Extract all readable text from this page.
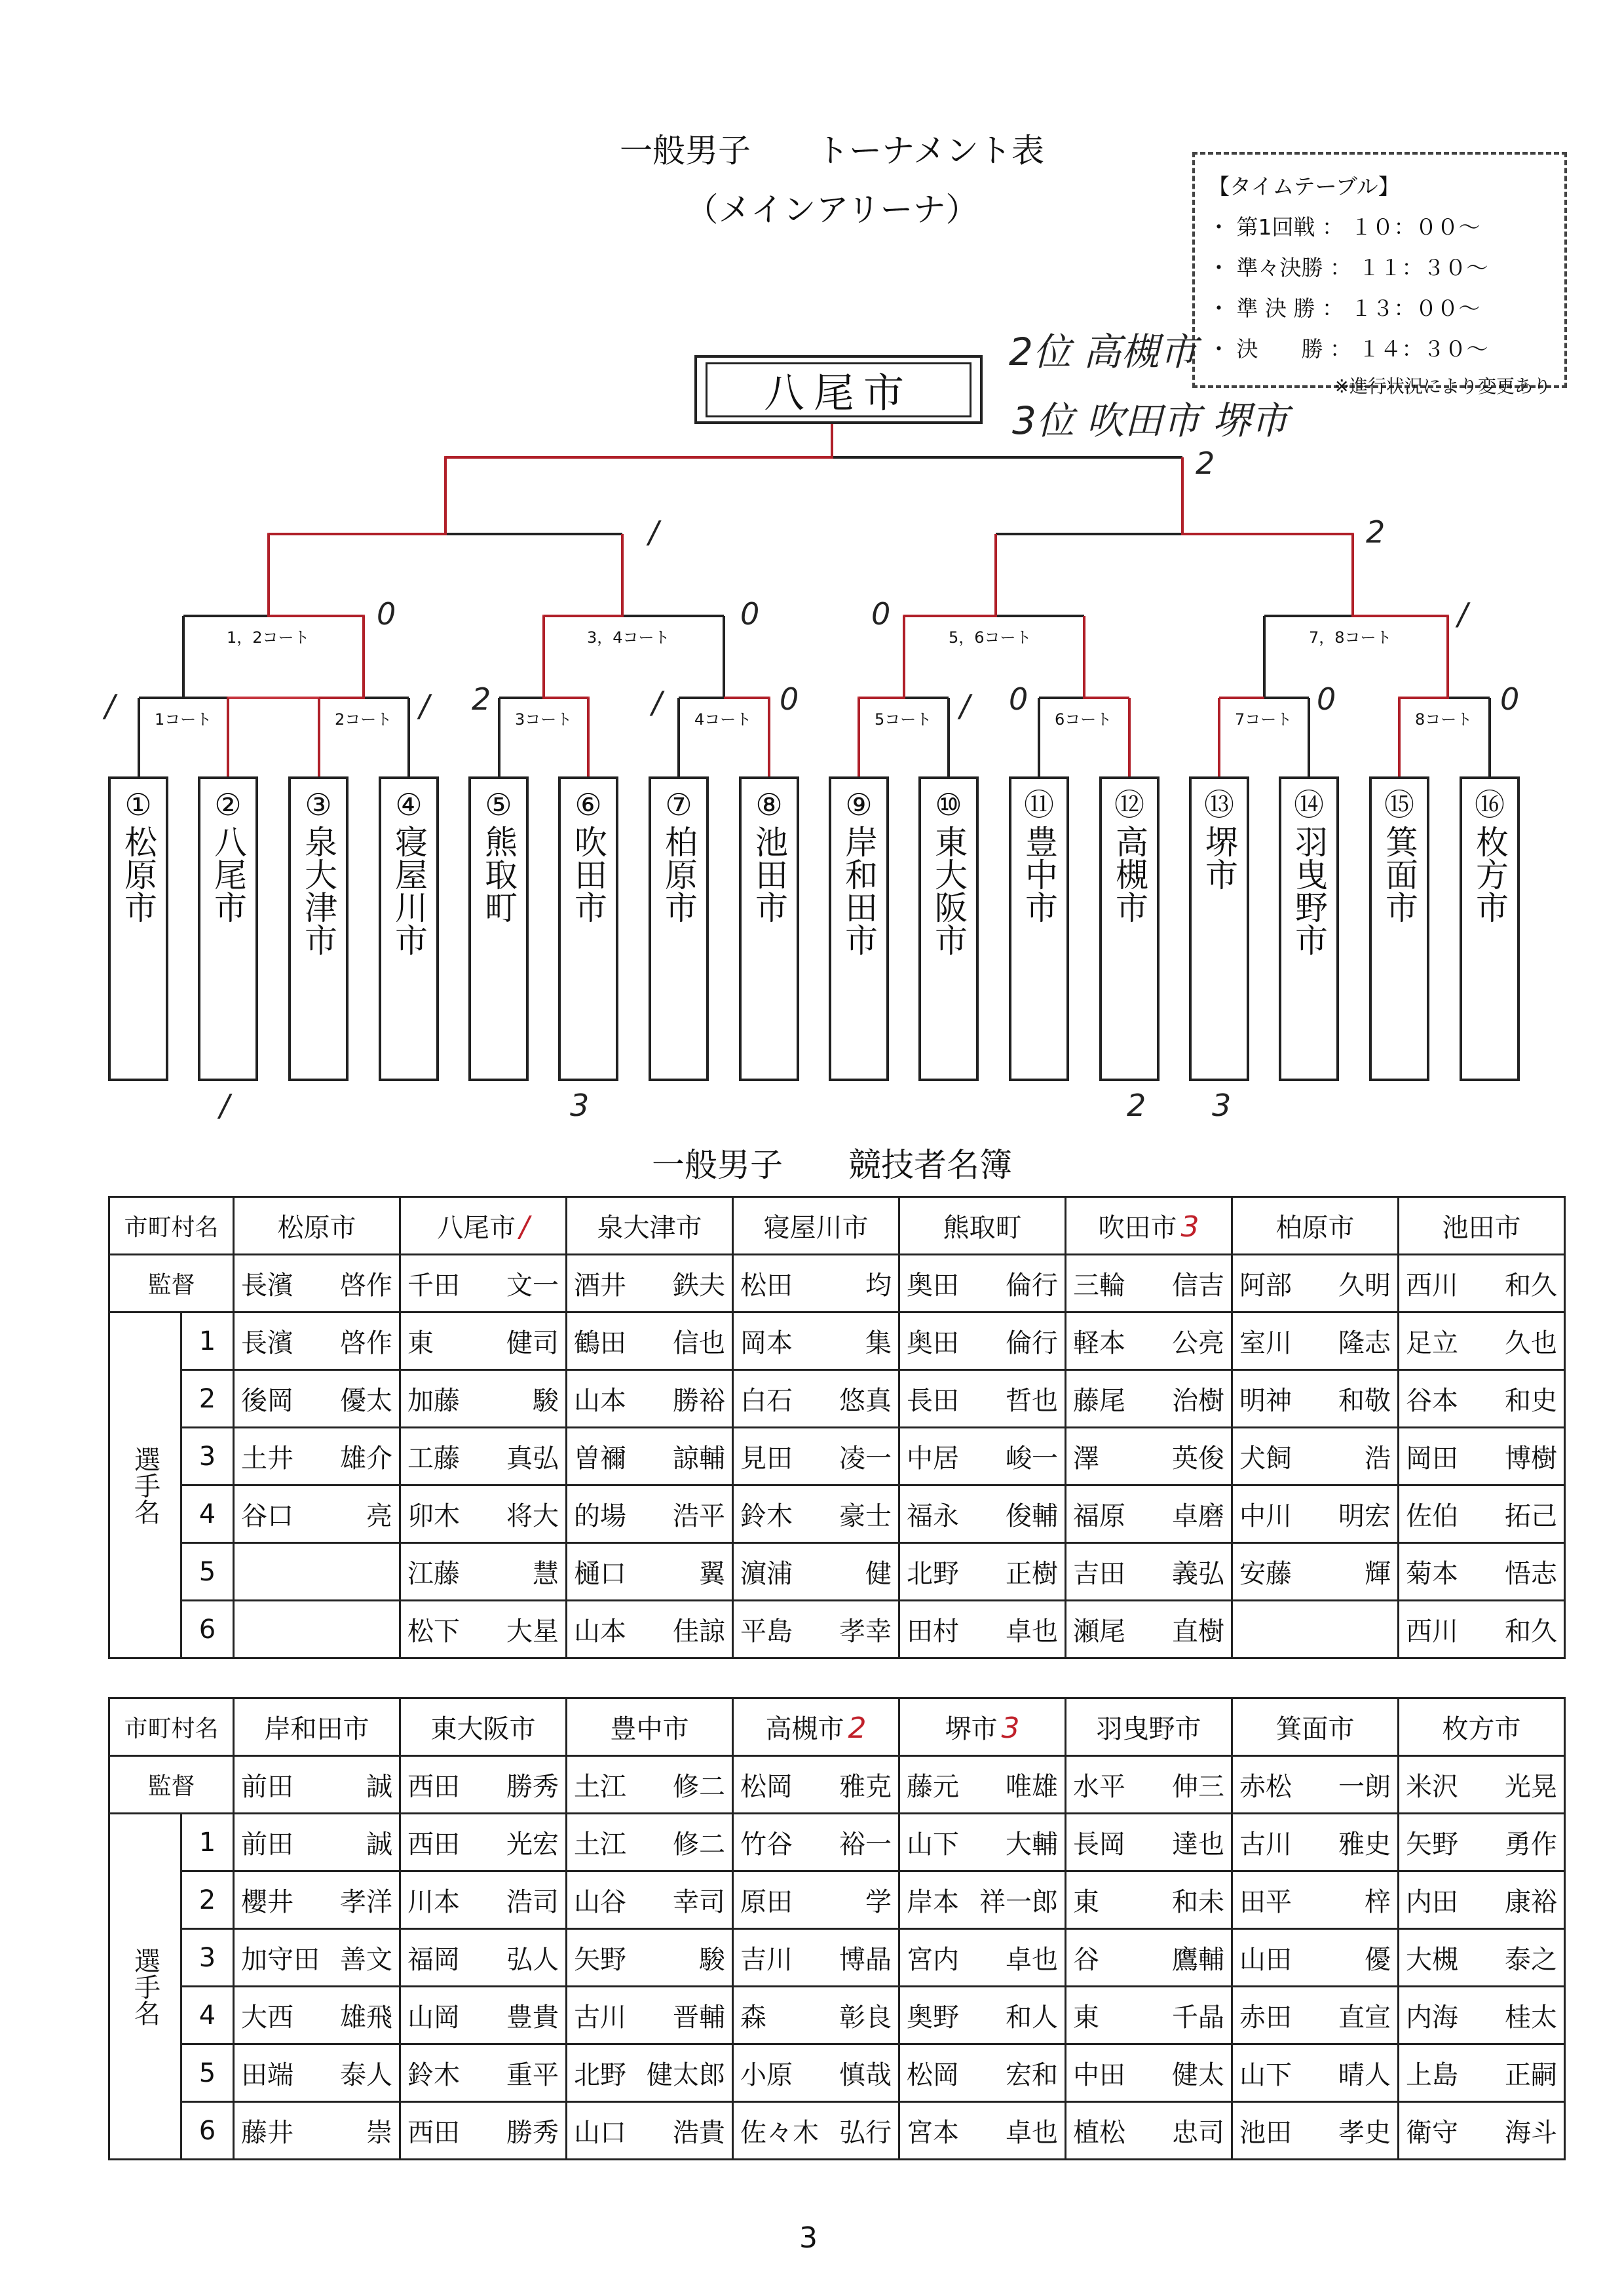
一般男子　　トーナメント表
（メインアリーナ）
【タイムテーブル】
・ 第1回戦 ： １０：００～
・ 準々決勝 ： １１：３０～
・ 準 決 勝 ： １３：００～
・ 決　　勝 ： １４：３０～
※進行状況により変更あり
八尾市
2位 高槻市
3位 吹田市 堺市
1，2コート	3，4コート	5，6コート	7，8コート
1コート	2コート	3コート	4コート	5コート	6コート	7コート	8コート
2
/	2
0	0	0	/
/	/ 2	/	0	/ 0	0	0
①
松原市
②
八尾市
③
泉大津市
④
寝屋川市
⑤
熊取町
⑥
吹田市
⑦
柏原市
⑧
池田市
⑨
岸和田市
⑩
東大阪市
⑪
豊中市
⑫
高槻市
⑬
堺市
⑭
羽曳野市
⑮
箕面市
⑯
枚方市
/	3	2 3
一般男子　　競技者名簿
市町村名		松原市	八尾市 /	泉大津市	寝屋川市	熊取町	吹田市 3	柏原市	池田市
監督		長濱 啓作	千田 文一	酒井 鉄夫	松田 均	奥田 倫行	三輪 信吉	阿部 久明	西川 和久

選手名	1	長濱 啓作	東 健司	鶴田 信也	岡本 集	奥田 倫行	軽本 公亮	室川 隆志	足立 久也

	2	後岡 優太	加藤 駿	山本 勝裕	白石 悠真	長田 哲也	藤尾 治樹	明神 和敬	谷本 和史

	3	土井 雄介	工藤 真弘	曽禰 諒輔	見田 凌一	中居 峻一	澤 英俊	犬飼 浩	岡田 博樹

	4	谷口 亮	卯木 将大	的場 浩平	鈴木 豪士	福永 俊輔	福原 卓磨	中川 明宏	佐伯 拓己

	5		江藤 慧	樋口 翼	濵浦 健	北野 正樹	吉田 義弘	安藤 輝	菊本 悟志

	6		松下 大星	山本 佳諒	平島 孝幸	田村 卓也	瀬尾 直樹		西川 和久
市町村名		岸和田市	東大阪市	豊中市	高槻市 2	堺市 3	羽曳野市	箕面市	枚方市
監督		前田 誠	西田 勝秀	土江 修二	松岡 雅克	藤元 唯雄	水平 伸三	赤松 一朗	米沢 光晃

選手名	1	前田 誠	西田 光宏	土江 修二	竹谷 裕一	山下 大輔	長岡 達也	古川 雅史	矢野 勇作

	2	櫻井 孝洋	川本 浩司	山谷 幸司	原田 学	岸本 祥一郎	東 和未	田平 梓	内田 康裕

	3	加守田 善文	福岡 弘人	矢野 駿	吉川 博晶	宮内 卓也	谷 鷹輔	山田 優	大槻 泰之

	4	大西 雄飛	山岡 豊貴	古川 晋輔	森 彰良	奥野 和人	東 千晶	赤田 直宣	内海 桂太

	5	田端 泰人	鈴木 重平	北野 健太郎	小原 慎哉	松岡 宏和	中田 健太	山下 晴人	上島 正嗣

	6	藤井 崇	西田 勝秀	山口 浩貴	佐々木 弘行	宮本 卓也	植松 忠司	池田 孝史	衛守 海斗
3
